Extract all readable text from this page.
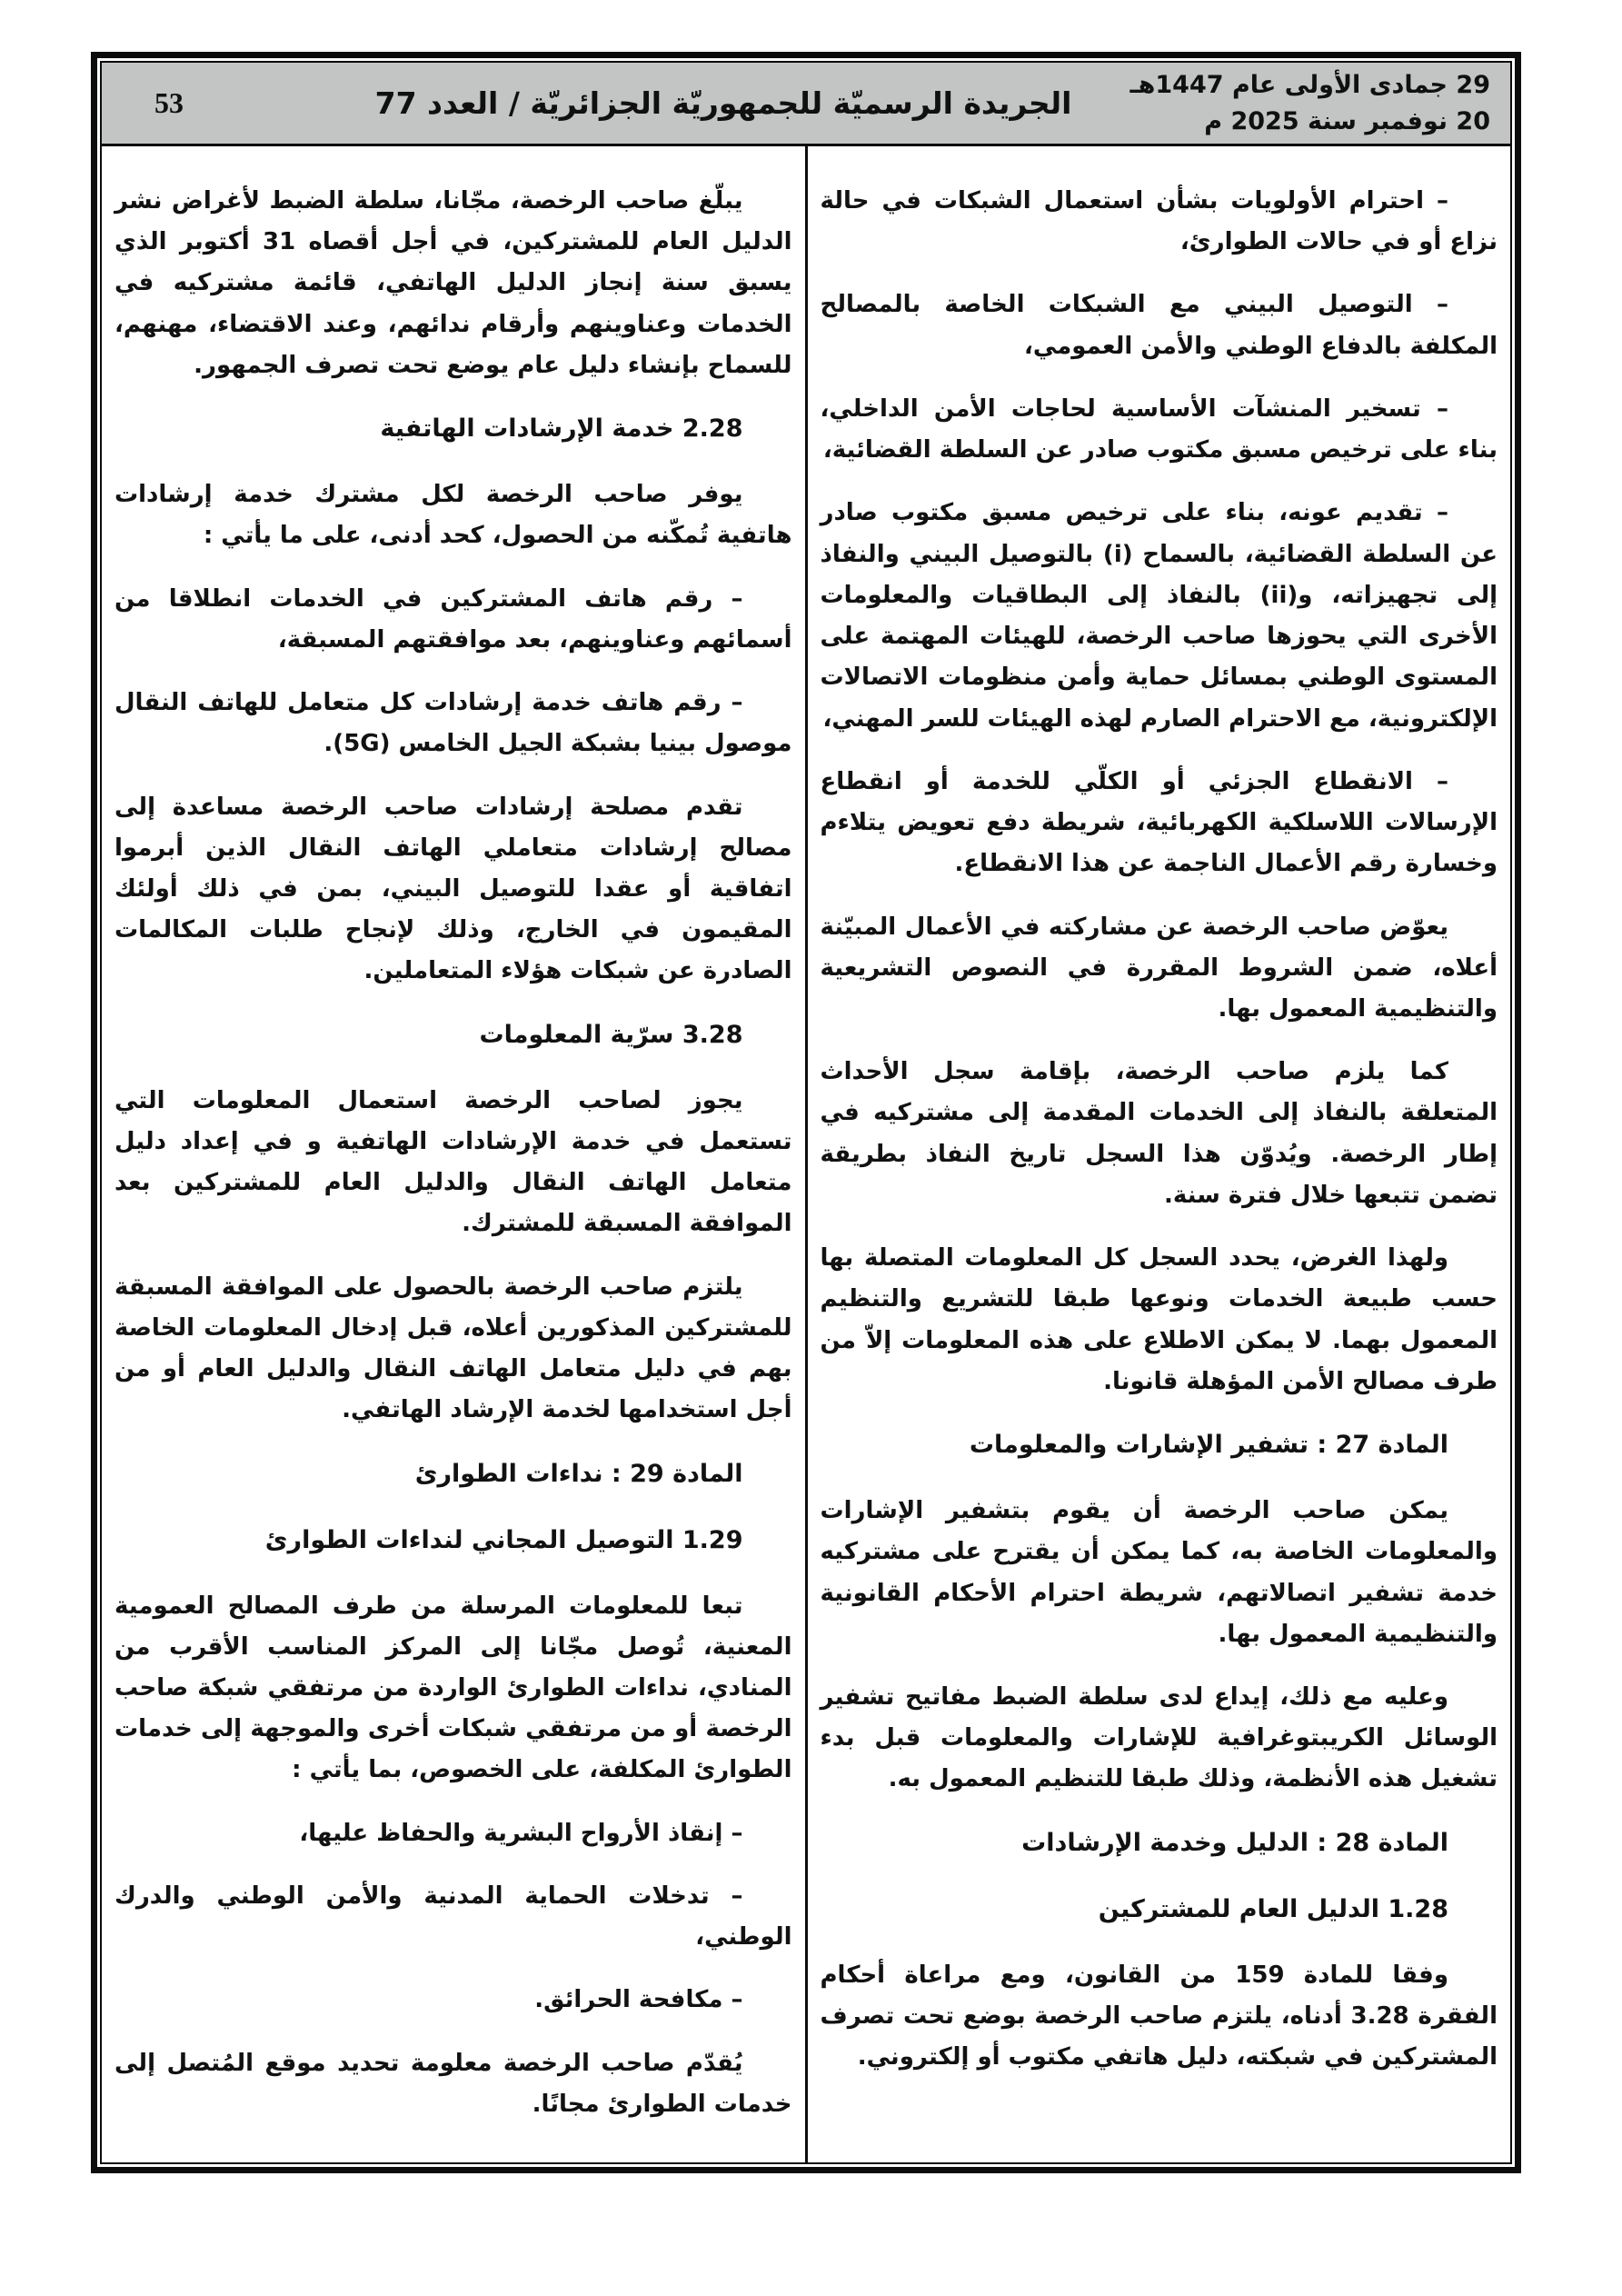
29 جمادى الأولى عام 1447هـ
20 نوفمبر سنة 2025 م
الجريدة الرسميّة للجمهوريّة الجزائريّة / العدد 77
53

– احترام الأولويات بشأن استعمال الشبكات في حالة نزاع أو في حالات الطوارئ،

– التوصيل البيني مع الشبكات الخاصة بالمصالح المكلفة بالدفاع الوطني والأمن العمومي،

– تسخير المنشآت الأساسية لحاجات الأمن الداخلي، بناء على ترخيص مسبق مكتوب صادر عن السلطة القضائية،

– تقديم عونه، بناء على ترخيص مسبق مكتوب صادر عن السلطة القضائية، بالسماح (i) بالتوصيل البيني والنفاذ إلى تجهيزاته، و(ii) بالنفاذ إلى البطاقيات والمعلومات الأخرى التي يحوزها صاحب الرخصة، للهيئات المهتمة على المستوى الوطني بمسائل حماية وأمن منظومات الاتصالات الإلكترونية، مع الاحترام الصارم لهذه الهيئات للسر المهني،

– الانقطاع الجزئي أو الكلّي للخدمة أو انقطاع الإرسالات اللاسلكية الكهربائية، شريطة دفع تعويض يتلاءم وخسارة رقم الأعمال الناجمة عن هذا الانقطاع.

يعوّض صاحب الرخصة عن مشاركته في الأعمال المبيّنة أعلاه، ضمن الشروط المقررة في النصوص التشريعية والتنظيمية المعمول بها.

كما يلزم صاحب الرخصة، بإقامة سجل الأحداث المتعلقة بالنفاذ إلى الخدمات المقدمة إلى مشتركيه في إطار الرخصة. ويُدوّن هذا السجل تاريخ النفاذ بطريقة تضمن تتبعها خلال فترة سنة.

ولهذا الغرض، يحدد السجل كل المعلومات المتصلة بها حسب طبيعة الخدمات ونوعها طبقا للتشريع والتنظيم المعمول بهما. لا يمكن الاطلاع على هذه المعلومات إلاّ من طرف مصالح الأمن المؤهلة قانونا.

المادة 27 : تشفير الإشارات والمعلومات

يمكن صاحب الرخصة أن يقوم بتشفير الإشارات والمعلومات الخاصة به، كما يمكن أن يقترح على مشتركيه خدمة تشفير اتصالاتهم، شريطة احترام الأحكام القانونية والتنظيمية المعمول بها.

وعليه مع ذلك، إيداع لدى سلطة الضبط مفاتيح تشفير الوسائل الكريبتوغرافية للإشارات والمعلومات قبل بدء تشغيل هذه الأنظمة، وذلك طبقا للتنظيم المعمول به.

المادة 28 : الدليل وخدمة الإرشادات

1.28 الدليل العام للمشتركين

وفقا للمادة 159 من القانون، ومع مراعاة أحكام الفقرة 3.28 أدناه، يلتزم صاحب الرخصة بوضع تحت تصرف المشتركين في شبكته، دليل هاتفي مكتوب أو إلكتروني.

يبلّغ صاحب الرخصة، مجّانا، سلطة الضبط لأغراض نشر الدليل العام للمشتركين، في أجل أقصاه 31 أكتوبر الذي يسبق سنة إنجاز الدليل الهاتفي، قائمة مشتركيه في الخدمات وعناوينهم وأرقام ندائهم، وعند الاقتضاء، مهنهم، للسماح بإنشاء دليل عام يوضع تحت تصرف الجمهور.

2.28 خدمة الإرشادات الهاتفية

يوفر صاحب الرخصة لكل مشترك خدمة إرشادات هاتفية تُمكّنه من الحصول، كحد أدنى، على ما يأتي :

– رقم هاتف المشتركين في الخدمات انطلاقا من أسمائهم وعناوينهم، بعد موافقتهم المسبقة،

– رقم هاتف خدمة إرشادات كل متعامل للهاتف النقال موصول بينيا بشبكة الجيل الخامس (5G).

تقدم مصلحة إرشادات صاحب الرخصة مساعدة إلى مصالح إرشادات متعاملي الهاتف النقال الذين أبرموا اتفاقية أو عقدا للتوصيل البيني، بمن في ذلك أولئك المقيمون في الخارج، وذلك لإنجاح طلبات المكالمات الصادرة عن شبكات هؤلاء المتعاملين.

3.28 سرّية المعلومات

يجوز لصاحب الرخصة استعمال المعلومات التي تستعمل في خدمة الإرشادات الهاتفية و في إعداد دليل متعامل الهاتف النقال والدليل العام للمشتركين بعد الموافقة المسبقة للمشترك.

يلتزم صاحب الرخصة بالحصول على الموافقة المسبقة للمشتركين المذكورين أعلاه، قبل إدخال المعلومات الخاصة بهم في دليل متعامل الهاتف النقال والدليل العام أو من أجل استخدامها لخدمة الإرشاد الهاتفي.

المادة 29 : نداءات الطوارئ

1.29 التوصيل المجاني لنداءات الطوارئ

تبعا للمعلومات المرسلة من طرف المصالح العمومية المعنية، تُوصل مجّانا إلى المركز المناسب الأقرب من المنادي، نداءات الطوارئ الواردة من مرتفقي شبكة صاحب الرخصة أو من مرتفقي شبكات أخرى والموجهة إلى خدمات الطوارئ المكلفة، على الخصوص، بما يأتي :

– إنقاذ الأرواح البشرية والحفاظ عليها،

– تدخلات الحماية المدنية والأمن الوطني والدرك الوطني،

– مكافحة الحرائق.

يُقدّم صاحب الرخصة معلومة تحديد موقع المُتصل إلى خدمات الطوارئ مجانًا.
